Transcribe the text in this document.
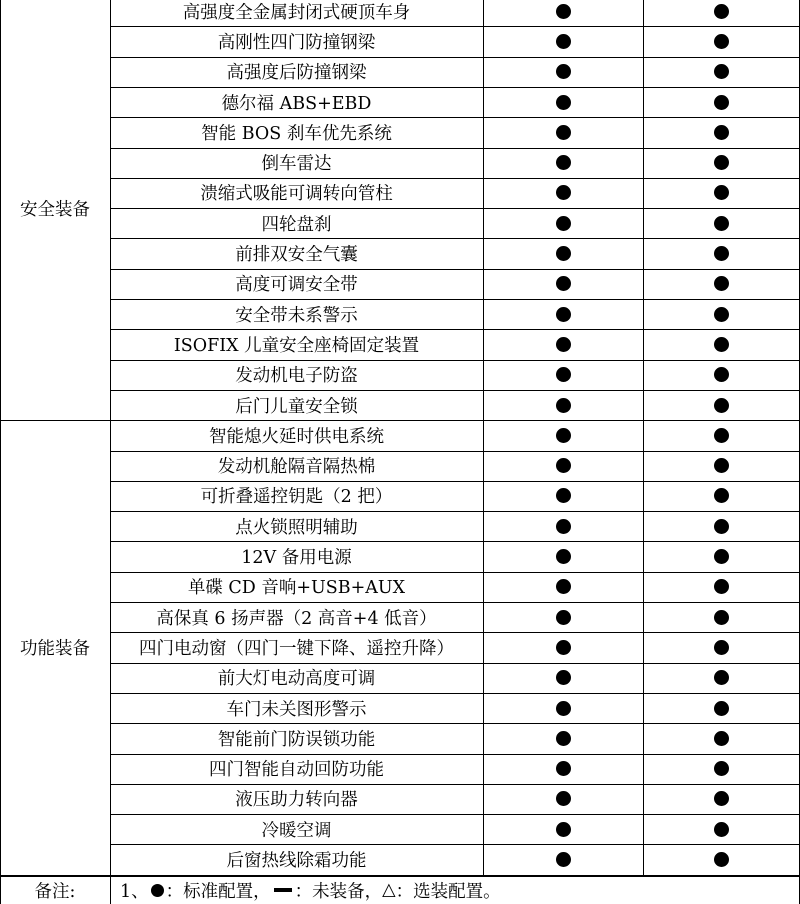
安全装备
高强度全金属封闭式硬顶车身
高刚性四门防撞钢梁
高强度后防撞钢梁
德尔福 ABS+EBD
智能 BOS 刹车优先系统
倒车雷达
溃缩式吸能可调转向管柱
四轮盘刹
前排双安全气囊
高度可调安全带
安全带未系警示
ISOFIX 儿童安全座椅固定装置
发动机电子防盗
后门儿童安全锁
功能装备
智能熄火延时供电系统
发动机舱隔音隔热棉
可折叠遥控钥匙（2 把）
点火锁照明辅助
12V 备用电源
单碟 CD 音响+USB+AUX
高保真 6 扬声器（2 高音+4 低音）
四门电动窗（四门一键下降、遥控升降）
前大灯电动高度可调
车门未关图形警示
智能前门防误锁功能
四门智能自动回防功能
液压助力转向器
冷暖空调
后窗热线除霜功能
备注:	1、 ：标准配置， ：未装备， △ ：选装配置。
